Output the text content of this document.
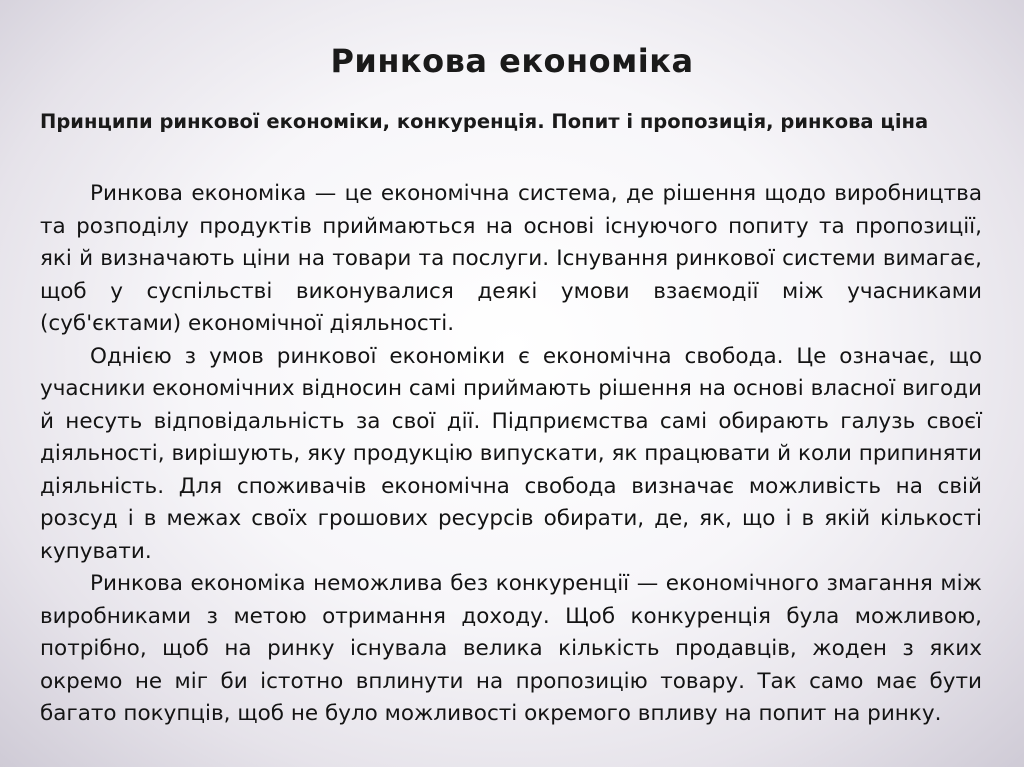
Ринкова економіка
Принципи ринкової економіки, конкуренція. Попит і пропозиція, ринкова ціна

Ринкова економіка — це економічна система, де рішення щодо виробництва та розподілу продуктів приймаються на основі існуючого попиту та пропозиції, які й визначають ціни на товари та послуги. Існування ринкової системи вимагає, щоб у суспільстві виконувалися деякі умови взаємодії між учасниками (суб'єктами) економічної діяльності.

Однією з умов ринкової економіки є економічна свобода. Це означає, що учасники економічних відносин самі приймають рішення на основі власної вигоди й несуть відповідальність за свої дії. Підприємства самі обирають галузь своєї діяльності, вирішують, яку продукцію випускати, як працювати й коли припиняти діяльність. Для споживачів економічна свобода визначає можливість на свій розсуд і в межах своїх грошових ресурсів обирати, де, як, що і в якій кількості купувати.

Ринкова економіка неможлива без конкуренції — економічного змагання між виробниками з метою отримання доходу. Щоб конкуренція була можливою, потрібно, щоб на ринку існувала велика кількість продавців, жоден з яких окремо не міг би істотно вплинути на пропозицію товару. Так само має бути багато покупців, щоб не було можливості окремого впливу на попит на ринку.
